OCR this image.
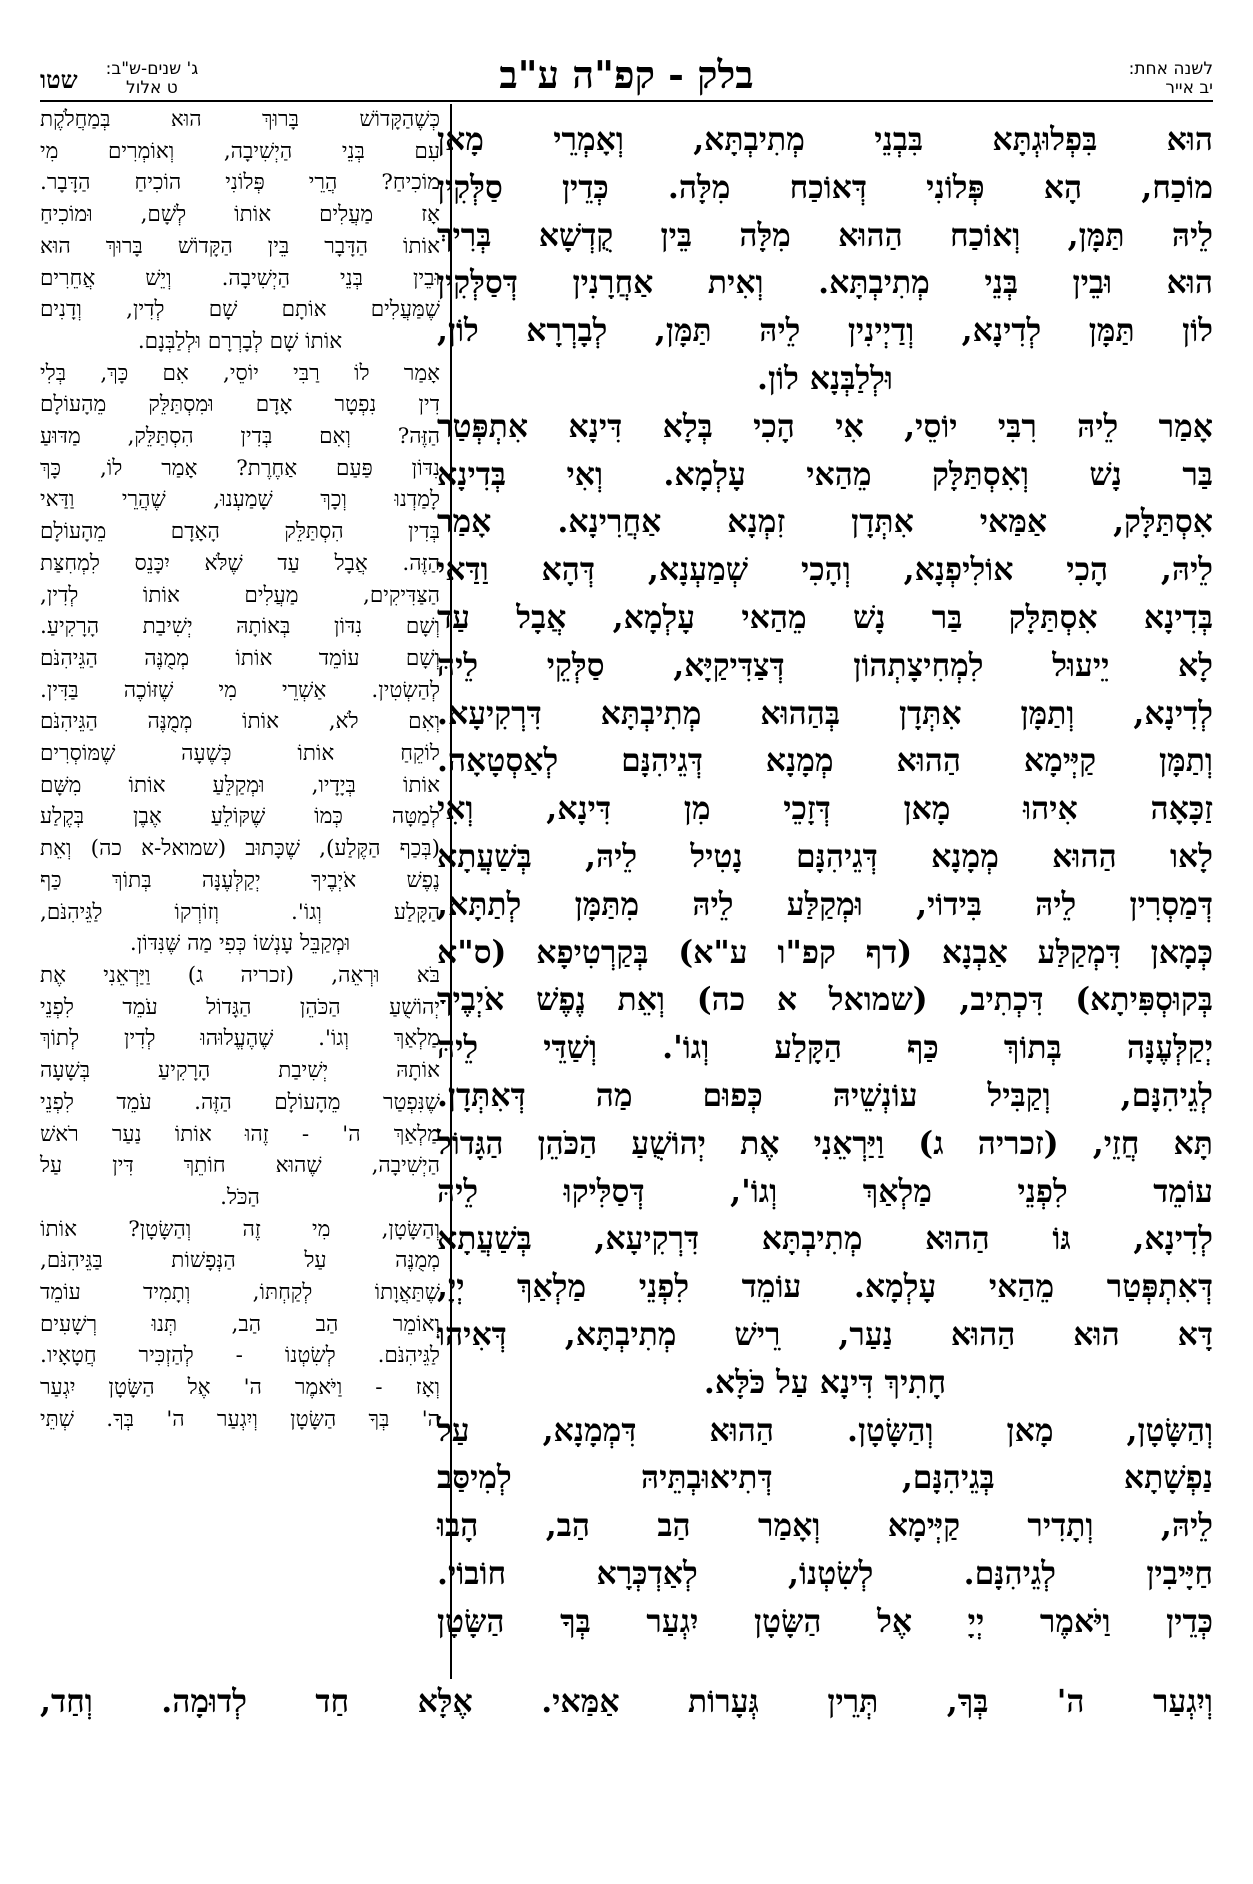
לשנה אחת:
יב אייר
בלק - קפ"ה ע"ב
ג' שנים-ש"ב:
ט אלול
שטו

הוּא בִּפְלוּגְתָּא בִּבְנֵי מְתִיבְתָּא, וְאָמְרֵי מָאן

מוֹכַח, הָא פְּלוֹנִי דְּאוֹכַח מִלָּה. כְּדֵין סַלְּקִין

לֵיהּ תַּמָּן, וְאוֹכַח הַהוּא מִלָּה בֵּין קֻדְשָׁא בְּרִיךְ

הוּא וּבֵין בְּנֵי מְתִיבְתָּא. וְאִית אַחֲרָנִין דְּסַלְּקִין

לוֹן תַּמָּן לְדִינָא, וְדַיְינִין לֵיהּ תַּמָּן, לְבָרְרָא לוֹן,

וּלְלַבְּנָא לוֹן.

אָמַר לֵיהּ רִבִּי יוֹסֵי, אִי הָכִי בְּלָא דִּינָא אִתְפְּטַר

בַּר נָשׁ וְאִסְתַּלָּק מֵהַאי עָלְמָא. וְאִי בְּדִינָא

אִסְתַּלָּק, אַמַּאי אִתְּדָן זִמְנָא אַחֲרִינָא. אָמַר

לֵיהּ, הָכִי אוֹלִיפְנָא, וְהָכִי שְׁמַעְנָא, דְּהָא וַדַּאי

בְּדִינָא אִסְתַּלָּק בַּר נָשׁ מֵהַאי עָלְמָא, אֲבָל עַד

לָא יֵיעוּל לִמְחִיצָתְהוֹן דְּצַדִּיקַיָּא, סַלְּקֵי לֵיהּ

לְדִינָא, וְתַמָּן אִתְּדָן בְּהַהוּא מְתִיבְתָּא דִּרְקִיעָא.

וְתַמָּן קַיְּימָא הַהוּא מְמָנָא דְּגֵיהִנָּם לְאַסְטָאָה.

זַכָּאָה אִיהוּ מָאן דְּזָכֵי מִן דִּינָא, וְאִי

לָאו הַהוּא מְמָנָא דְּגֵיהִנָּם נָטִיל לֵיהּ, בְּשַׁעֲתָא

דְּמַסְרִין לֵיהּ בִּידוֹי, וּמְקַלַּע לֵיהּ מִתַּמָּן לְתַתָּא,

כְּמָאן דִּמְקַלַּע אַבְנָא (דף קפ"ו ע"א) בְּקַרְטִיפָא (ס"א

בְּקוּסְפִּיתָא) דִּכְתִיב, (שמואל א כה) וְאֵת נֶפֶשׁ אֹיְבֶיךָ

יְקַלְּעֶנָּה בְּתוֹךְ כַּף הַקָּלַע וְגוֹ'. וְשַׁדֵּי לֵיהּ

לְגֵיהִנָּם, וְקַבִּיל עוֹנְשֵׁיהּ כְּפוּם מַה דְּאִתְּדָן.

תָּא חֲזֵי, (זכריה ג) וַיַּרְאֵנִי אֶת יְהוֹשֻׁעַ הַכֹּהֵן הַגָּדוֹל

עוֹמֵד לִפְנֵי מַלְאַךְ וְגוֹ', דְּסַלִּיקוּ לֵיהּ

לְדִינָא, גּוֹ הַהוּא מְתִיבְתָּא דִּרְקִיעָא, בְּשַׁעֲתָא

דְּאִתְפְּטַר מֵהַאי עָלְמָא. עוֹמֵד לִפְנֵי מַלְאַךְ יְיָ,

דָּא הוּא הַהוּא נַעַר, רֵישׁ מְתִיבְתָּא, דְּאִיהוּ

חָתִיךְ דִּינָא עַל כֹּלָּא.

וְהַשָּׂטָן, מָאן וְהַשָּׂטָן. הַהוּא דִּמְמָנָא, עַל

נַפְשָׁתָא בְּגֵיהִנָּם, דְּתִיאוּבְתֵּיהּ לְמִיסַּב

לֵיהּ, וְתָדִיר קַיְּימָא וְאָמַר הַב הַב, הָבוּ

חַיָּיבִין לְגֵיהִנָּם. לְשִׂטְנוֹ, לְאַדְכְּרָא חוֹבוֹי.

כְּדֵין וַיֹּאמֶר יְיָ אֶל הַשָּׂטָן יִגְעַר בְּךָ הַשָּׂטָן

כְּשֶׁהַקָּדוֹשׁ בָּרוּךְ הוּא בְּמַחֲלֹקֶת

עִם בְּנֵי הַיְשִׁיבָה, וְאוֹמְרִים מִי

מוֹכִיחַ? הֲרֵי פְּלוֹנִי הוֹכִיחַ הַדָּבָר.

אָז מַעֲלִים אוֹתוֹ לְשָׁם, וּמוֹכִיחַ

אוֹתוֹ הַדָּבָר בֵּין הַקָּדוֹשׁ בָּרוּךְ הוּא

וּבֵין בְּנֵי הַיְשִׁיבָה. וְיֵשׁ אֲחֵרִים

שֶׁמַּעֲלִים אוֹתָם שָׁם לְדִין, וְדָנִים

אוֹתוֹ שָׁם לְבָרְרָם וּלְלַבְּנָם.

אָמַר לוֹ רַבִּי יוֹסֵי, אִם כָּךְ, בְּלִי

דִין נִפְטָר אָדָם וּמִסְתַּלֵּק מֵהָעוֹלָם

הַזֶּה? וְאִם בְּדִין הִסְתַּלֵּק, מַדּוּעַ

נִדּוֹן פַּעַם אַחֶרֶת? אָמַר לוֹ, כָּךְ

לָמַדְנוּ וְכָךְ שָׁמַעְנוּ, שֶׁהֲרֵי וַדַּאי

בְּדִין הִסְתַּלֵּק הָאָדָם מֵהָעוֹלָם

הַזֶּה. אֲבָל עַד שֶׁלֹּא יִכָּנֵס לִמְחִצַּת

הַצַּדִּיקִים, מַעֲלִים אוֹתוֹ לְדִין,

וְשָׁם נִדּוֹן בְּאוֹתָהּ יְשִׁיבַת הָרָקִיעַ.

וְשָׁם עוֹמֵד אוֹתוֹ מְמֻנֶּה הַגֵּיהִנֹּם

לְהַשְׂטִין. אַשְׁרֵי מִי שֶׁזּוֹכֶה בַּדִּין.

וְאִם לֹא, אוֹתוֹ מְמֻנֶּה הַגֵּיהִנֹּם

לוֹקֵחַ אוֹתוֹ כְּשֶׁעָה שֶׁמּוֹסְרִים

אוֹתוֹ בְּיָדָיו, וּמְקַלֵּעַ אוֹתוֹ מִשָּׁם

לְמַטָּה כְּמוֹ שֶׁקּוֹלֵעַ אֶבֶן בְּקֶלַע

(בְּכַף הַקֶּלַע), שֶׁכָּתוּב (שמואל-א כה) וְאֵת

נֶפֶשׁ אֹיְבֶיךָ יְקַלְּעֶנָּה בְּתוֹךְ כַּף

הַקָּלַע וְגוֹ'. וְזוֹרְקוֹ לַגֵּיהִנֹּם,

וּמְקַבֵּל עָנְשׁוֹ כְּפִי מַה שֶּׁנִּדּוֹן.

בֹּא וּרְאֵה, (זכריה ג) וַיַּרְאֵנִי אֶת

יְהוֹשֻׁעַ הַכֹּהֵן הַגָּדוֹל עֹמֵד לִפְנֵי

מַלְאַךְ וְגוֹ'. שֶׁהֶעֱלוּהוּ לְדִין לְתוֹךְ

אוֹתָהּ יְשִׁיבַת הָרָקִיעַ בְּשָׁעָה

שֶׁנִּפְטַר מֵהָעוֹלָם הַזֶּה. עֹמֵד לִפְנֵי

מַלְאַךְ ה' - זֶהוּ אוֹתוֹ נַעַר רֹאשׁ

הַיְשִׁיבָה, שֶׁהוּא חוֹתֵךְ דִּין עַל

הַכֹּל.

וְהַשָּׂטָן, מִי זֶה וְהַשָּׂטָן? אוֹתוֹ

מְמֻנֶּה עַל הַנְּפָשׁוֹת בַּגֵּיהִנֹּם,

שֶׁתַּאֲוָתוֹ לְקַחְתּוֹ, וְתָמִיד עוֹמֵד

וְאוֹמֵר הַב הַב, תְּנוּ רְשָׁעִים

לַגֵּיהִנֹּם. לְשִׂטְנוֹ - לְהַזְכִּיר חֲטָאָיו.

וְאָז - וַיֹּאמֶר ה' אֶל הַשָּׂטָן יִגְעַר

ה' בְּךָ הַשָּׂטָן וְיִגְעַר ה' בְּךָ. שְׁתֵּי

וְיִגְעַר ה' בְּךָ, תְּרֵין גְּעָרוֹת אַמַּאי. אֶלָּא חַד לְדוּמָה. וְחַד,
